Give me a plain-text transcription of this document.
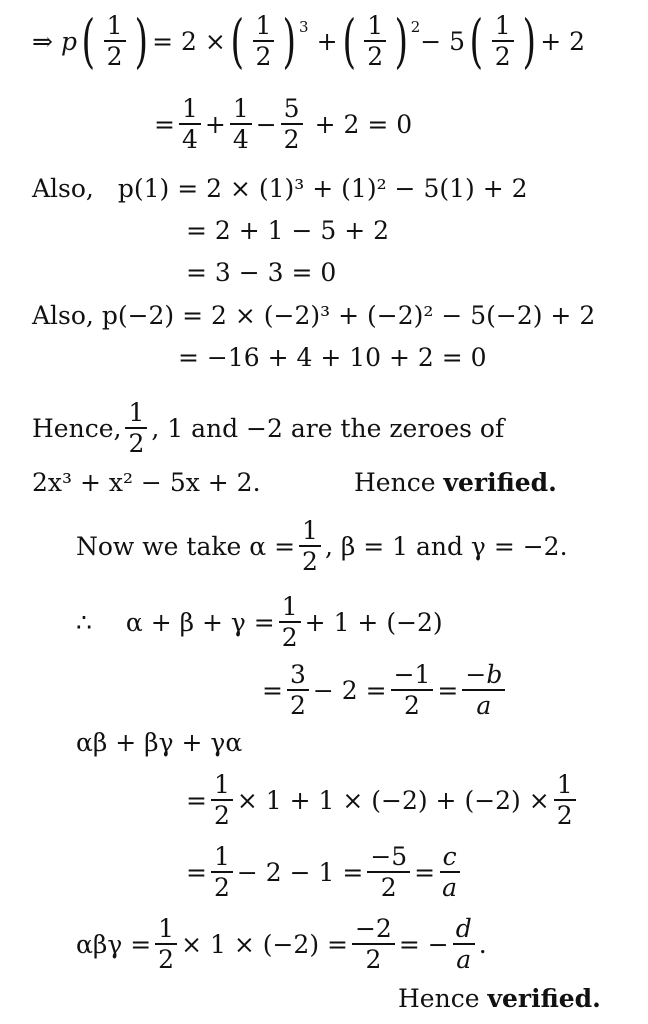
⇒ p ( $\frac{1}{2}$ ) = 2 × ( $\frac{1}{2}$ ) 3 + ( $\frac{1}{2}$ ) 2 − 5 ( $\frac{1}{2}$ ) + 2
= $\frac{1}{4} + \frac{1}{4} - \frac{5}{2} + 2 = 0$
Also, p(1) = 2 × (1)³ + (1)² − 5(1) + 2
= 2 + 1 − 5 + 2
= 3 − 3 = 0
Also, p(−2) = 2 × (−2)³ + (−2)² − 5(−2) + 2
= −16 + 4 + 10 + 2 = 0
Hence, $\frac{1}{2}$ , 1 and −2 are the zeroes of
2x³ + x² − 5x + 2.	Hence verified.
Now we take $\alpha = \frac{1}{2}$ , β = 1 and γ = −2.
∴ $\alpha + \beta + \gamma = \frac{1}{2} + 1 + (-2)$
= $\frac{3}{2} - 2 = \frac{-1}{2} = \frac{-b}{a}$
αβ + βγ + γα
= $\frac{1}{2} \times 1 + 1 \times (-2) + (-2) \times \frac{1}{2}$
= $\frac{1}{2} - 2 - 1 = \frac{-5}{2} = \frac{c}{a}$
$\alpha\beta\gamma = \frac{1}{2} \times 1 \times (-2) = \frac{-2}{2}$ = − $\frac{d}{a}$ .
Hence verified.
